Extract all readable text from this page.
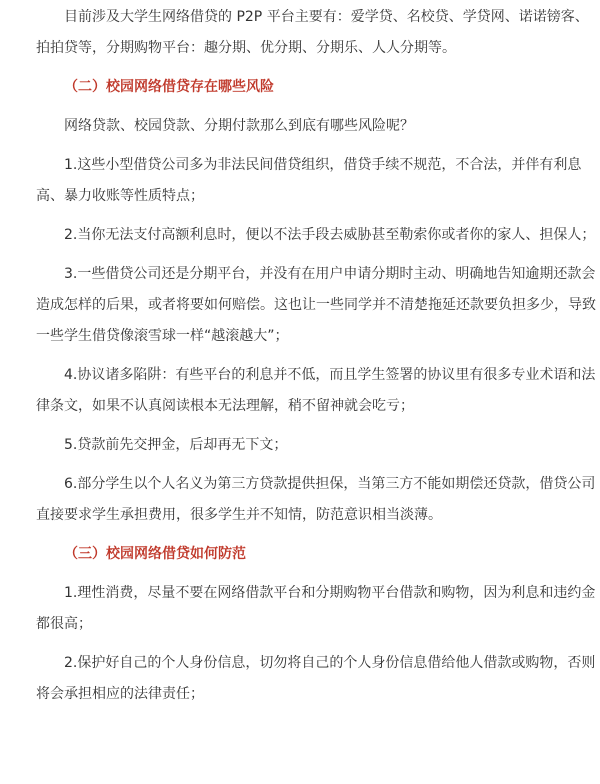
目前涉及大学生网络借贷的 P2P 平台主要有：爱学贷、名校贷、学贷网、诺诺镑客、拍拍贷等，分期购物平台：趣分期、优分期、分期乐、人人分期等。

（二）校园网络借贷存在哪些风险

网络贷款、校园贷款、分期付款那么到底有哪些风险呢？

1.这些小型借贷公司多为非法民间借贷组织，借贷手续不规范，不合法，并伴有利息高、暴力收账等性质特点；

2.当你无法支付高额利息时，便以不法手段去威胁甚至勒索你或者你的家人、担保人；

3.一些借贷公司还是分期平台，并没有在用户申请分期时主动、明确地告知逾期还款会造成怎样的后果，或者将要如何赔偿。这也让一些同学并不清楚拖延还款要负担多少，导致一些学生借贷像滚雪球一样“越滚越大”；

4.协议诸多陷阱：有些平台的利息并不低，而且学生签署的协议里有很多专业术语和法律条文，如果不认真阅读根本无法理解，稍不留神就会吃亏；

5.贷款前先交押金，后却再无下文；

6.部分学生以个人名义为第三方贷款提供担保，当第三方不能如期偿还贷款，借贷公司直接要求学生承担费用，很多学生并不知情，防范意识相当淡薄。

（三）校园网络借贷如何防范

1.理性消费，尽量不要在网络借款平台和分期购物平台借款和购物，因为利息和违约金都很高；

2.保护好自己的个人身份信息，切勿将自己的个人身份信息借给他人借款或购物，否则将会承担相应的法律责任；
